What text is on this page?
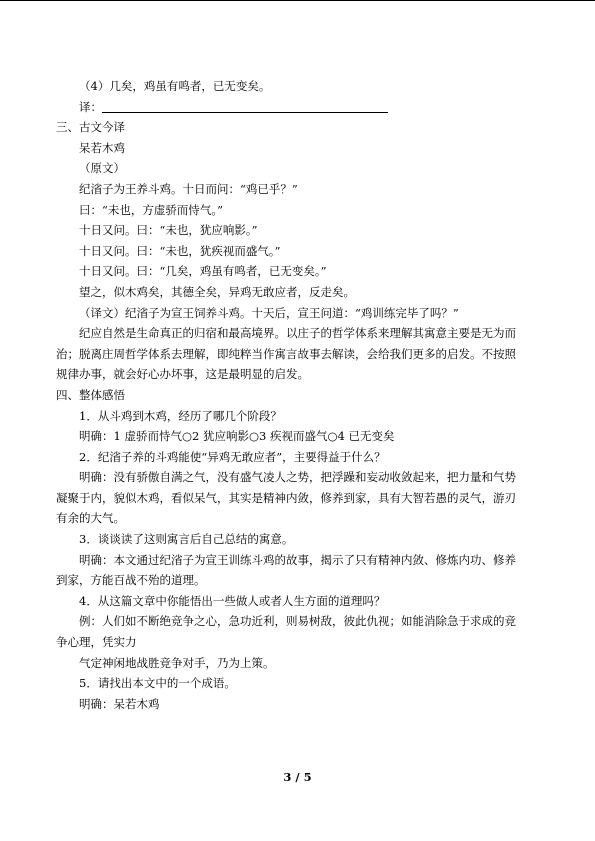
（4）几矣，鸡虽有鸣者，已无变矣。
译：
三、古文今译
呆若木鸡
（原文）
纪渻子为王养斗鸡。十日而问：“鸡已乎？”
曰：“未也，方虚骄而恃气。”
十日又问。曰：“未也，犹应响影。”
十日又问。曰：“未也，犹疾视而盛气。”
十日又问。曰：“几矣，鸡虽有鸣者，已无变矣。”
望之，似木鸡矣，其德全矣，异鸡无敢应者，反走矣。
（译文）纪渻子为宣王饲养斗鸡。十天后，宣王问道：“鸡训练完毕了吗？”
纪应自然是生命真正的归宿和最高境界。以庄子的哲学体系来理解其寓意主要是无为而
治；脱离庄周哲学体系去理解，即纯粹当作寓言故事去解读，会给我们更多的启发。不按照
规律办事，就会好心办坏事，这是最明显的启发。
四、整体感悟
1．从斗鸡到木鸡，经历了哪几个阶段？
明确：1 虚骄而恃气○2 犹应响影○3 疾视而盛气○4 已无变矣
2．纪渻子养的斗鸡能使“异鸡无敢应者”，主要得益于什么？
明确：没有骄傲自满之气，没有盛气凌人之势，把浮躁和妄动收敛起来，把力量和气势
凝聚于内，貌似木鸡，看似呆气，其实是精神内敛，修养到家，具有大智若愚的灵气，游刃
有余的大气。
3．谈谈读了这则寓言后自己总结的寓意。
明确：本文通过纪渻子为宣王训练斗鸡的故事，揭示了只有精神内敛、修炼内功、修养
到家，方能百战不殆的道理。
4．从这篇文章中你能悟出一些做人或者人生方面的道理吗？
例：人们如不断绝竞争之心，急功近利，则易树敌，彼此仇视；如能消除急于求成的竞
争心理，凭实力
气定神闲地战胜竞争对手，乃为上策。
5．请找出本文中的一个成语。
明确：呆若木鸡
3 / 5
